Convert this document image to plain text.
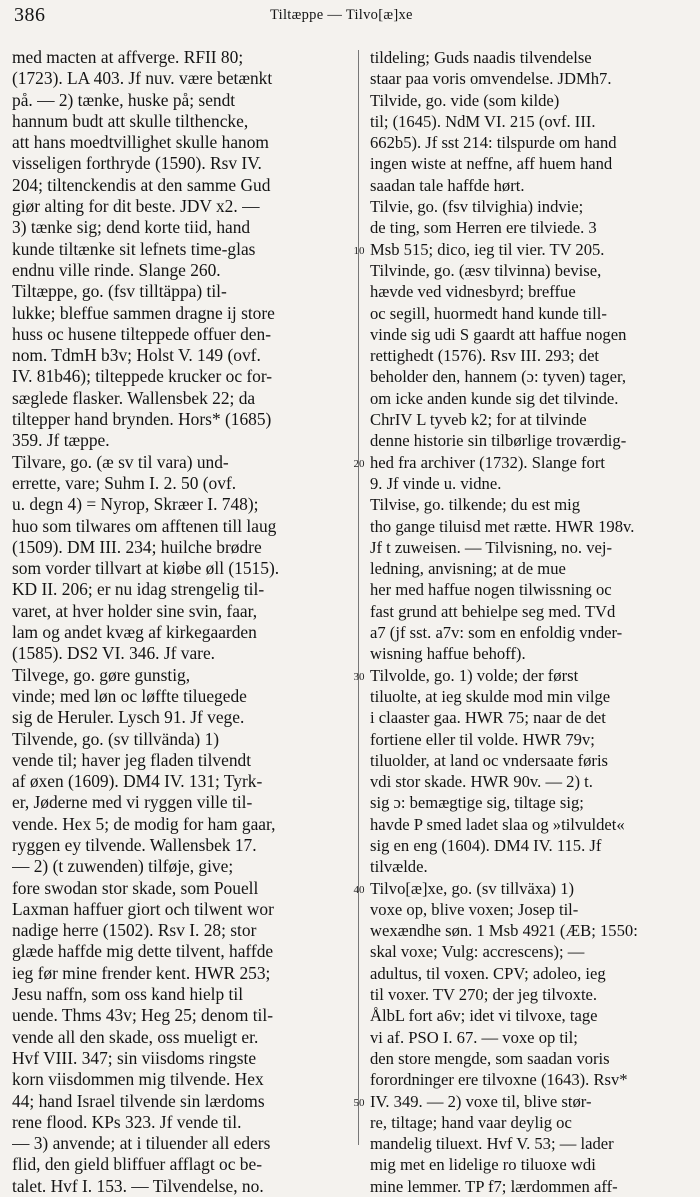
386	Tiltæppe — Tilvo[æ]xe
med macten at affverge. RFII 80;
(1723). LA 403. Jf nuv. være betænkt
på. — 2) tænke, huske på; sendt
hannum budt att skulle tilthencke,
att hans moedtvillighet skulle hanom
visseligen forthryde (1590). Rsv IV.
204; tiltenckendis at den samme Gud
giør alting for dit beste. JDV x2. —
3) tænke sig; dend korte tiid, hand
kunde tiltænke sit lefnets time-glas
endnu ville rinde. Slange 260.
Tiltæppe, go. (fsv tilltäppa) til-
lukke; bleffue sammen dragne ij store
huss oc husene tilteppede offuer den-
nom. TdmH b3v; Holst V. 149 (ovf.
IV. 81b46); tilteppede krucker oc for-
sæglede flasker. Wallensbek 22; da
tiltepper hand brynden. Hors* (1685)
359. Jf tæppe.
Tilvare, go. (æ sv til vara) und-
errette, vare; Suhm I. 2. 50 (ovf.
u. degn 4) = Nyrop, Skræer I. 748);
huo som tilwares om afftenen till laug
(1509). DM III. 234; huilche brødre
som vorder tillvart at kiøbe øll (1515).
KD II. 206; er nu idag strengelig til-
varet, at hver holder sine svin, faar,
lam og andet kvæg af kirkegaarden
(1585). DS2 VI. 346. Jf vare.
Tilvege, go. gøre gunstig,
vinde; med løn oc løffte tiluegede
sig de Heruler. Lysch 91. Jf vege.
Tilvende, go. (sv tillvända) 1)
vende til; haver jeg fladen tilvendt
af øxen (1609). DM4 IV. 131; Tyrk-
er, Jøderne med vi ryggen ville til-
vende. Hex 5; de modig for ham gaar,
ryggen ey tilvende. Wallensbek 17.
— 2) (t zuwenden) tilføje, give;
fore swodan stor skade, som Pouell
Laxman haffuer giort och tilwent wor
nadige herre (1502). Rsv I. 28; stor
glæde haffde mig dette tilvent, haffde
ieg før mine frender kent. HWR 253;
Jesu naffn, som oss kand hielp til
uende. Thms 43v; Heg 25; denom til-
vende all den skade, oss mueligt er.
Hvf VIII. 347; sin viisdoms ringste
korn viisdommen mig tilvende. Hex
44; hand Israel tilvende sin lærdoms
rene flood. KPs 323. Jf vende til.
— 3) anvende; at i tiluender all eders
flid, den gield bliffuer afflagt oc be-
talet. Hvf I. 153. — Tilvendelse, no.
10
20
30
40
50
tildeling; Guds naadis tilvendelse
staar paa voris omvendelse. JDMh7.
Tilvide, go. vide (som kilde)
til; (1645). NdM VI. 215 (ovf. III.
662b5). Jf sst 214: tilspurde om hand
ingen wiste at neffne, aff huem hand
saadan tale haffde hørt.
Tilvie, go. (fsv tilvighia) indvie;
de ting, som Herren ere tilviede. 3
Msb 515; dico, ieg til vier. TV 205.
Tilvinde, go. (æsv tilvinna) bevise,
hævde ved vidnesbyrd; breffue
oc segill, huormedt hand kunde till-
vinde sig udi S gaardt att haffue nogen
rettighedt (1576). Rsv III. 293; det
beholder den, hannem (ɔ: tyven) tager,
om icke anden kunde sig det tilvinde.
ChrIV L tyveb k2; for at tilvinde
denne historie sin tilbørlige troværdig-
hed fra archiver (1732). Slange fort
9. Jf vinde u. vidne.
Tilvise, go. tilkende; du est mig
tho gange tiluisd met rætte. HWR 198v.
Jf t zuweisen. — Tilvisning, no. vej-
ledning, anvisning; at de mue
her med haffue nogen tilwissning oc
fast grund att behielpe seg med. TVd
a7 (jf sst. a7v: som en enfoldig vnder-
wisning haffue behoff).
Tilvolde, go. 1) volde; der først
tiluolte, at ieg skulde mod min vilge
i claaster gaa. HWR 75; naar de det
fortiene eller til volde. HWR 79v;
tiluolder, at land oc vndersaate føris
vdi stor skade. HWR 90v. — 2) t.
sig ɔ: bemægtige sig, tiltage sig;
havde P smed ladet slaa og »tilvuldet«
sig en eng (1604). DM4 IV. 115. Jf
tilvælde.
Tilvo[æ]xe, go. (sv tillväxa) 1)
voxe op, blive voxen; Josep til-
wexændhe søn. 1 Msb 4921 (ÆB; 1550:
skal voxe; Vulg: accrescens); —
adultus, til voxen. CPV; adoleo, ieg
til voxer. TV 270; der jeg tilvoxte.
ÅlbL fort a6v; idet vi tilvoxe, tage
vi af. PSO I. 67. — voxe op til;
den store mengde, som saadan voris
forordninger ere tilvoxne (1643). Rsv*
IV. 349. — 2) voxe til, blive stør-
re, tiltage; hand vaar deylig oc
mandelig tiluext. Hvf V. 53; — lader
mig met en lidelige ro tiluoxe wdi
mine lemmer. TP f7; lærdommen aff-
